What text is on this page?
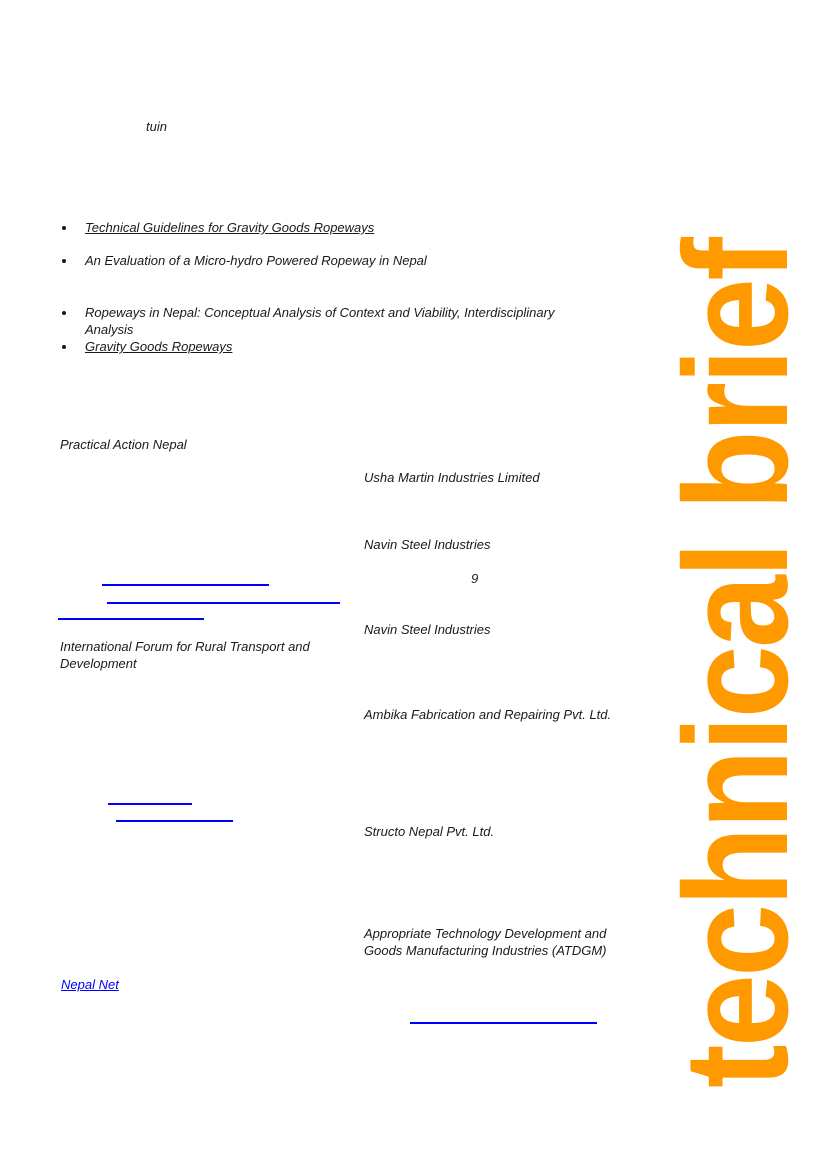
tuin
Technical Guidelines for Gravity Goods Ropeways
An Evaluation of a Micro-hydro Powered Ropeway in Nepal
Ropeways in Nepal: Conceptual Analysis of Context and Viability, Interdisciplinary Analysis
Gravity Goods Ropeways
Practical Action Nepal
International Forum for Rural Transport and Development
Nepal Net
Usha Martin Industries Limited
Navin Steel Industries
9
Navin Steel Industries
Ambika Fabrication and Repairing Pvt. Ltd.
Structo Nepal Pvt. Ltd.
Appropriate Technology Development and Goods Manufacturing Industries (ATDGM) technical brief
